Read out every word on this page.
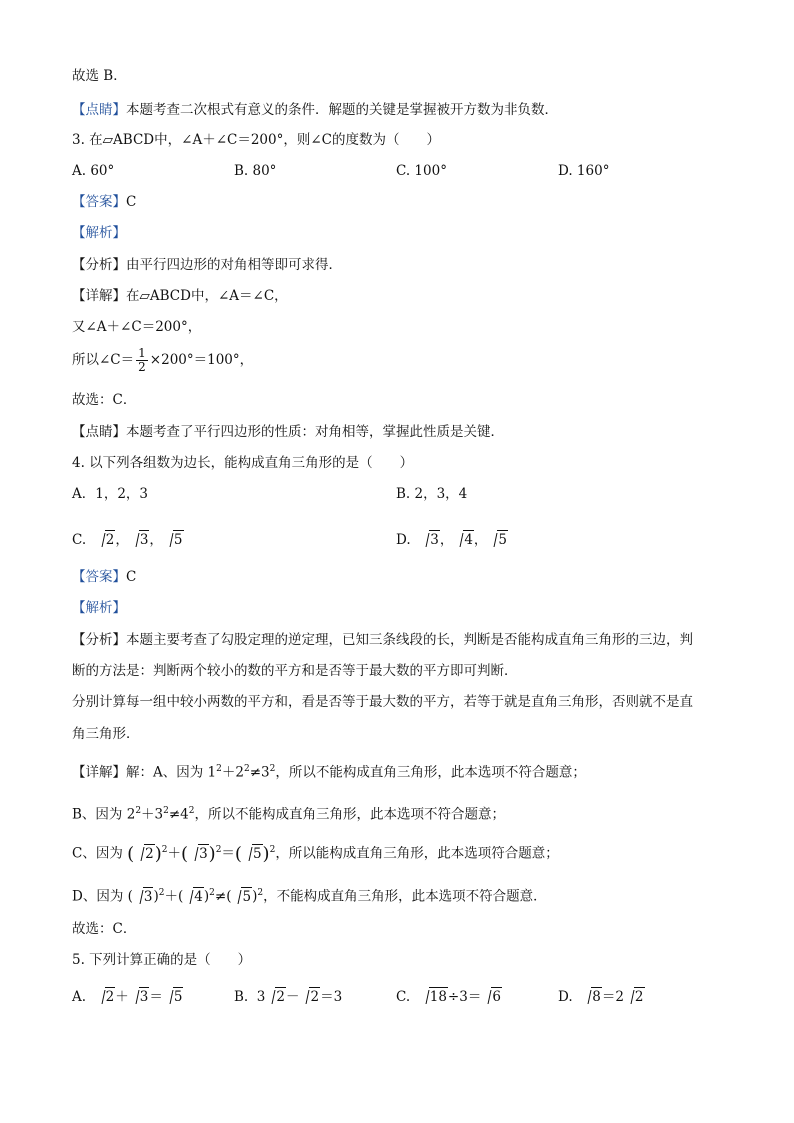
故选 B．
【点睛】本题考查二次根式有意义的条件．解题的关键是掌握被开方数为非负数．
3. 在▱ABCD中，∠A＋∠C＝200°，则∠C的度数为（　　）
A. 60°	B. 80°	C. 100°	D. 160°
【答案】C
【解析】
【分析】由平行四边形的对角相等即可求得．
【详解】在▱ABCD中，∠A＝∠C，
又∠A＋∠C＝200°，
所以∠C＝ $\frac{1}{2} \times 200^\circ=100^\circ$，
故选：C．
【点睛】本题考查了平行四边形的性质：对角相等，掌握此性质是关键．
4. 以下列各组数为边长，能构成直角三角形的是（　　）
A．1，2，3	B. 2，3，4
C. 2， 3， 5	D. 3， 4， 5
【答案】C
【解析】
【分析】本题主要考查了勾股定理的逆定理，已知三条线段的长，判断是否能构成直角三角形的三边，判
断的方法是：判断两个较小的数的平方和是否等于最大数的平方即可判断．
分别计算每一组中较小两数的平方和，看是否等于最大数的平方，若等于就是直角三角形，否则就不是直
角三角形．
【详解】解：A、因为 $1^2+2^2\ne 3^2$，所以不能构成直角三角形，此本选项不符合题意；
B、因为 $2^2+3^2\ne 4^2$，所以不能构成直角三角形，此本选项不符合题意；
C、因为 ( 2)$^2$＋( 3)$^2$＝( 5)$^2$，所以能构成直角三角形，此本选项符合题意；
D、因为 ( 3)$^2$＋( 4)$^2$≠( 5)$^2$，不能构成直角三角形，此本选项不符合题意．
故选：C．
5. 下列计算正确的是（　　）
A. 2＋ 3＝ 5	B.  3 2－ 2＝3	C. 18÷3＝ 6	D. 8＝2 2
